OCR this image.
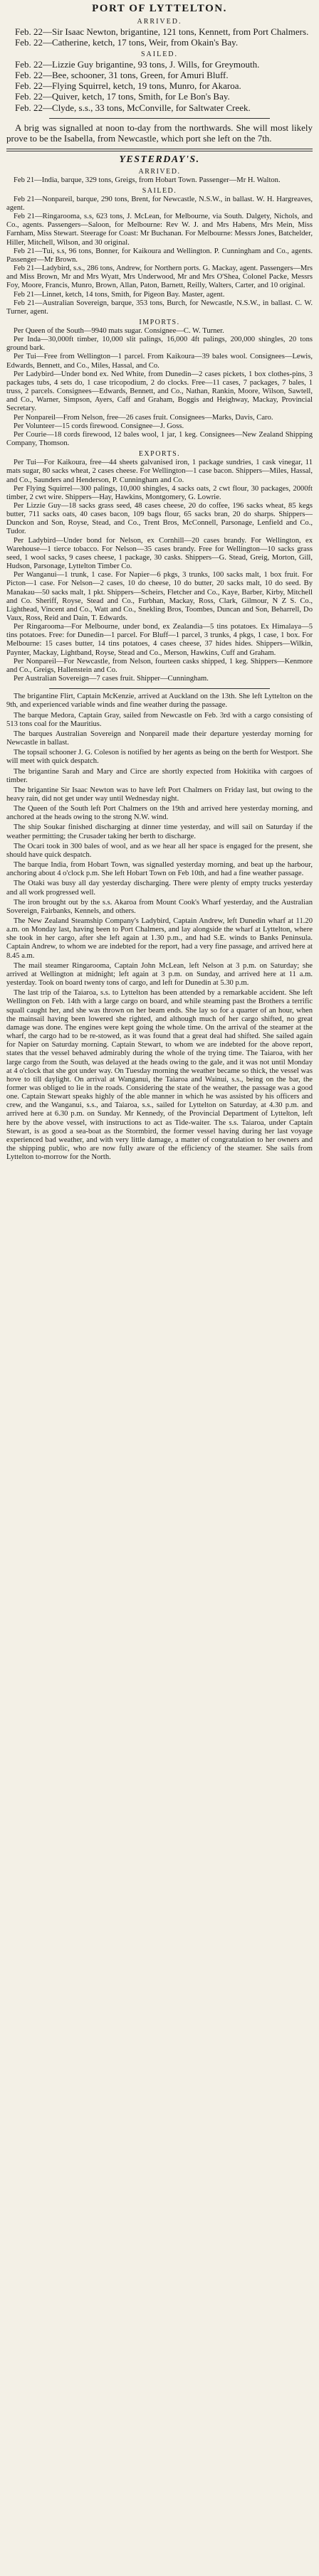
PORT OF LYTTELTON.
ARRIVED.

Feb. 22—Sir Isaac Newton, brigantine, 121 tons, Kennett, from Port Chalmers.

Feb. 22—Catherine, ketch, 17 tons, Weir, from Okain's Bay.

SAILED.

Feb. 22—Lizzie Guy brigantine, 93 tons, J. Wills, for Greymouth.

Feb. 22—Bee, schooner, 31 tons, Green, for Amuri Bluff.

Feb. 22—Flying Squirrel, ketch, 19 tons, Munro, for Akaroa.

Feb. 22—Quiver, ketch, 17 tons, Smith, for Le Bon's Bay.

Feb. 22—Clyde, s.s., 33 tons, McConville, for Saltwater Creek.

A brig was signalled at noon to-day from the northwards. She will most likely prove to be the Isabella, from Newcastle, which port she left on the 7th.

YESTERDAY'S.
ARRIVED.

Feb 21—India, barque, 329 tons, Greigs, from Hobart Town. Passenger—Mr H. Walton.

SAILED.

Feb 21—Nonpareil, barque, 290 tons, Brent, for Newcastle, N.S.W., in ballast. W. H. Hargreaves, agent.

Feb 21—Ringarooma, s.s, 623 tons, J. McLean, for Melbourne, via South. Dalgety, Nichols, and Co., agents. Passengers—Saloon, for Melbourne: Rev W. J. and Mrs Habens, Mrs Mein, Miss Farnham, Miss Stewart. Steerage for Coast: Mr Buchanan. For Melbourne: Messrs Jones, Batchelder, Hiller, Mitchell, Wilson, and 30 original.

Feb 21—Tui, s.s, 96 tons, Bonner, for Kaikoura and Wellington. P. Cunningham and Co., agents. Passenger—Mr Brown.

Feb 21—Ladybird, s.s., 286 tons, Andrew, for Northern ports. G. Mackay, agent. Passengers—Mrs and Miss Brown, Mr and Mrs Wyatt, Mrs Underwood, Mr and Mrs O'Shea, Colonel Packe, Messrs Foy, Moore, Francis, Munro, Brown, Allan, Paton, Barnett, Reilly, Walters, Carter, and 10 original.

Feb 21—Linnet, ketch, 14 tons, Smith, for Pigeon Bay. Master, agent.

Feb 21—Australian Sovereign, barque, 353 tons, Burch, for Newcastle, N.S.W., in ballast. C. W. Turner, agent.

IMPORTS.

Per Queen of the South—9940 mats sugar. Consignee—C. W. Turner.

Per Inda—30,000ft timber, 10,000 slit palings, 16,000 4ft palings, 200,000 shingles, 20 tons ground bark.

Per Tui—Free from Wellington—1 parcel. From Kaikoura—39 bales wool. Consignees—Lewis, Edwards, Bennett, and Co., Miles, Hassal, and Co.

Per Ladybird—Under bond ex. Ned White, from Dunedin—2 cases pickets, 1 box clothes-pins, 3 packages tubs, 4 sets do, 1 case tricopodium, 2 do clocks. Free—11 cases, 7 packages, 7 bales, 1 truss, 2 parcels. Consignees—Edwards, Bennett, and Co., Nathan, Rankin, Moore, Wilson, Sawtell, and Co., Warner, Simpson, Ayers, Caff and Graham, Boggis and Heighway, Mackay, Provincial Secretary.

Per Nonpareil—From Nelson, free—26 cases fruit. Consignees—Marks, Davis, Caro.

Per Volunteer—15 cords firewood. Consignee—J. Goss.

Per Courie—18 cords firewood, 12 bales wool, 1 jar, 1 keg. Consignees—New Zealand Shipping Company, Thomson.

EXPORTS.

Per Tui—For Kaikoura, free—44 sheets galvanised iron, 1 package sundries, 1 cask vinegar, 11 mats sugar, 80 sacks wheat, 2 cases cheese. For Wellington—1 case bacon. Shippers—Miles, Hassal, and Co., Saunders and Henderson, P. Cunningham and Co.

Per Flying Squirrel—300 palings, 10,000 shingles, 4 sacks oats, 2 cwt flour, 30 packages, 2000ft timber, 2 cwt wire. Shippers—Hay, Hawkins, Montgomery, G. Lowrie.

Per Lizzie Guy—18 sacks grass seed, 48 cases cheese, 20 do coffee, 196 sacks wheat, 85 kegs butter, 711 sacks oats, 40 cases bacon, 109 bags flour, 65 sacks bran, 20 do sharps. Shippers—Dunckon and Son, Royse, Stead, and Co., Trent Bros, McConnell, Parsonage, Lenfield and Co., Tudor.

Per Ladybird—Under bond for Nelson, ex Cornhill—20 cases brandy. For Wellington, ex Warehouse—1 tierce tobacco. For Nelson—35 cases brandy. Free for Wellington—10 sacks grass seed, 1 wool sacks, 9 cases cheese, 1 package, 30 casks. Shippers—G. Stead, Greig, Morton, Gill, Hudson, Parsonage, Lyttelton Timber Co.

Per Wanganui—1 trunk, 1 case. For Napier—6 pkgs, 3 trunks, 100 sacks malt, 1 box fruit. For Picton—1 case. For Nelson—2 cases, 10 do cheese, 10 do butter, 20 sacks malt, 10 do seed. By Manakau—50 sacks malt, 1 pkt. Shippers—Scheirs, Fletcher and Co., Kaye, Barber, Kirby, Mitchell and Co. Sheriff, Royse, Stead and Co., Furbhan, Mackay, Ross, Clark, Gilmour, N Z S. Co., Lighthead, Vincent and Co., Watt and Co., Snekling Bros, Toombes, Duncan and Son, Beharrell, Do Vaux, Ross, Reid and Dain, T. Edwards.

Per Ringarooma—For Melbourne, under bond, ex Zealandia—5 tins potatoes. Ex Himalaya—5 tins potatoes. Free: for Dunedin—1 parcel. For Bluff—1 parcel, 3 trunks, 4 pkgs, 1 case, 1 box. For Melbourne: 15 cases butter, 14 tins potatoes, 4 cases cheese, 37 hides hides. Shippers—Wilkin, Paynter, Mackay, Lightband, Royse, Stead and Co., Merson, Hawkins, Cuff and Graham.

Per Nonpareil—For Newcastle, from Nelson, fourteen casks shipped, 1 keg. Shippers—Kenmore and Co., Greigs, Hallenstein and Co.

Per Australian Sovereign—7 cases fruit. Shipper—Cunningham.

The brigantine Flirt, Captain McKenzie, arrived at Auckland on the 13th. She left Lyttelton on the 9th, and experienced variable winds and fine weather during the passage.

The barque Medora, Captain Gray, sailed from Newcastle on Feb. 3rd with a cargo consisting of 513 tons coal for the Mauritius.

The barques Australian Sovereign and Nonpareil made their departure yesterday morning for Newcastle in ballast.

The topsail schooner J. G. Coleson is notified by her agents as being on the berth for Westport. She will meet with quick despatch.

The brigantine Sarah and Mary and Circe are shortly expected from Hokitika with cargoes of timber.

The brigantine Sir Isaac Newton was to have left Port Chalmers on Friday last, but owing to the heavy rain, did not get under way until Wednesday night.

The Queen of the South left Port Chalmers on the 19th and arrived here yesterday morning, and anchored at the heads owing to the strong N.W. wind.

The ship Soukar finished discharging at dinner time yesterday, and will sail on Saturday if the weather permitting; the Crusader taking her berth to discharge.

The Ocari took in 300 bales of wool, and as we hear all her space is engaged for the present, she should have quick despatch.

The barque India, from Hobart Town, was signalled yesterday morning, and beat up the harbour, anchoring about 4 o'clock p.m. She left Hobart Town on Feb 10th, and had a fine weather passage.

The Otaki was busy all day yesterday discharging. There were plenty of empty trucks yesterday and all work progressed well.

The iron brought out by the s.s. Akaroa from Mount Cook's Wharf yesterday, and the Australian Sovereign, Fairbanks, Kennels, and others.

The New Zealand Steamship Company's Ladybird, Captain Andrew, left Dunedin wharf at 11.20 a.m. on Monday last, having been to Port Chalmers, and lay alongside the wharf at Lyttelton, where she took in her cargo, after she left again at 1.30 p.m., and had S.E. winds to Banks Peninsula. Captain Andrew, to whom we are indebted for the report, had a very fine passage, and arrived here at 8.45 a.m.

The mail steamer Ringarooma, Captain John McLean, left Nelson at 3 p.m. on Saturday; she arrived at Wellington at midnight; left again at 3 p.m. on Sunday, and arrived here at 11 a.m. yesterday. Took on board twenty tons of cargo, and left for Dunedin at 5.30 p.m.

The last trip of the Taiaroa, s.s. to Lyttelton has been attended by a remarkable accident. She left Wellington on Feb. 14th with a large cargo on board, and while steaming past the Brothers a terrific squall caught her, and she was thrown on her beam ends. She lay so for a quarter of an hour, when the mainsail having been lowered she righted, and although much of her cargo shifted, no great damage was done. The engines were kept going the whole time. On the arrival of the steamer at the wharf, the cargo had to be re-stowed, as it was found that a great deal had shifted. She sailed again for Napier on Saturday morning. Captain Stewart, to whom we are indebted for the above report, states that the vessel behaved admirably during the whole of the trying time. The Taiaroa, with her large cargo from the South, was delayed at the heads owing to the gale, and it was not until Monday at 4 o'clock that she got under way. On Tuesday morning the weather became so thick, the vessel was hove to till daylight. On arrival at Wanganui, the Taiaroa and Wainui, s.s., being on the bar, the former was obliged to lie in the roads. Considering the state of the weather, the passage was a good one. Captain Stewart speaks highly of the able manner in which he was assisted by his officers and crew, and the Wanganui, s.s., and Taiaroa, s.s., sailed for Lyttelton on Saturday, at 4.30 p.m. and arrived here at 6.30 p.m. on Sunday. Mr Kennedy, of the Provincial Department of Lyttelton, left here by the above vessel, with instructions to act as Tide-waiter. The s.s. Taiaroa, under Captain Stewart, is as good a sea-boat as the Stormbird, the former vessel having during her last voyage experienced bad weather, and with very little damage, a matter of congratulation to her owners and the shipping public, who are now fully aware of the efficiency of the steamer. She sails from Lyttelton to-morrow for the North.
